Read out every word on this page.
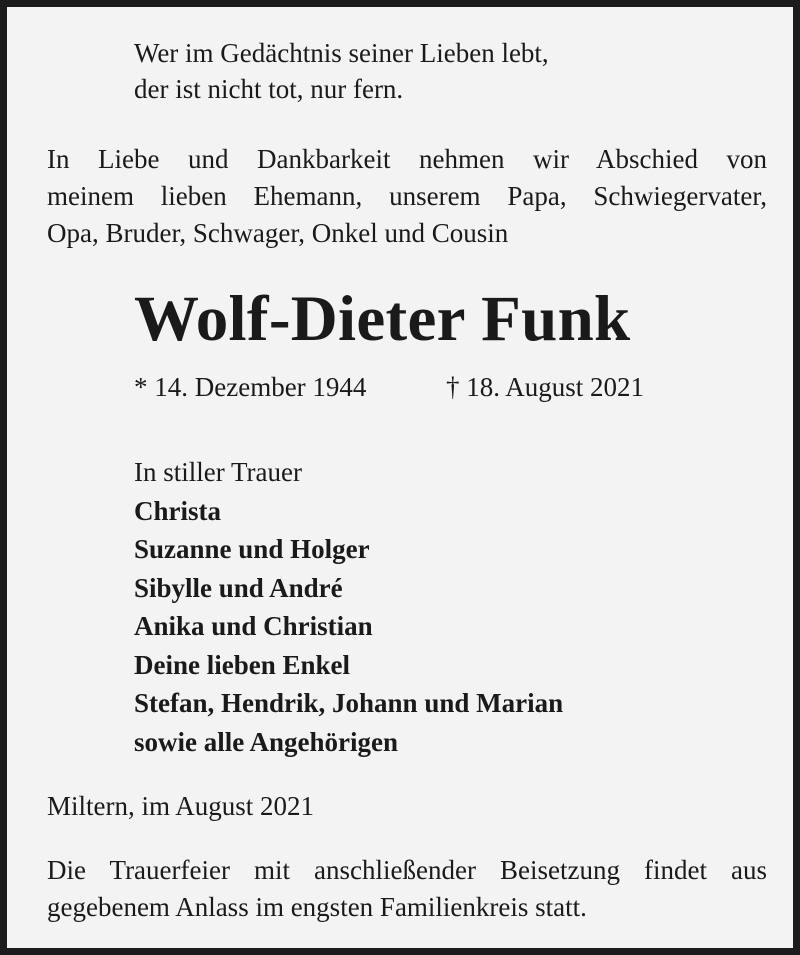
Wer im Gedächtnis seiner Lieben lebt,
der ist nicht tot, nur fern.
In Liebe und Dankbarkeit nehmen wir Abschied von
meinem lieben Ehemann, unserem Papa, Schwiegervater,
Opa, Bruder, Schwager, Onkel und Cousin
Wolf-Dieter Funk
* 14. Dezember 1944	† 18. August 2021
In stiller Trauer
Christa
Suzanne und Holger
Sibylle und André
Anika und Christian
Deine lieben Enkel
Stefan, Hendrik, Johann und Marian
sowie alle Angehörigen
Miltern, im August 2021
Die Trauerfeier mit anschließender Beisetzung findet aus
gegebenem Anlass im engsten Familienkreis statt.
